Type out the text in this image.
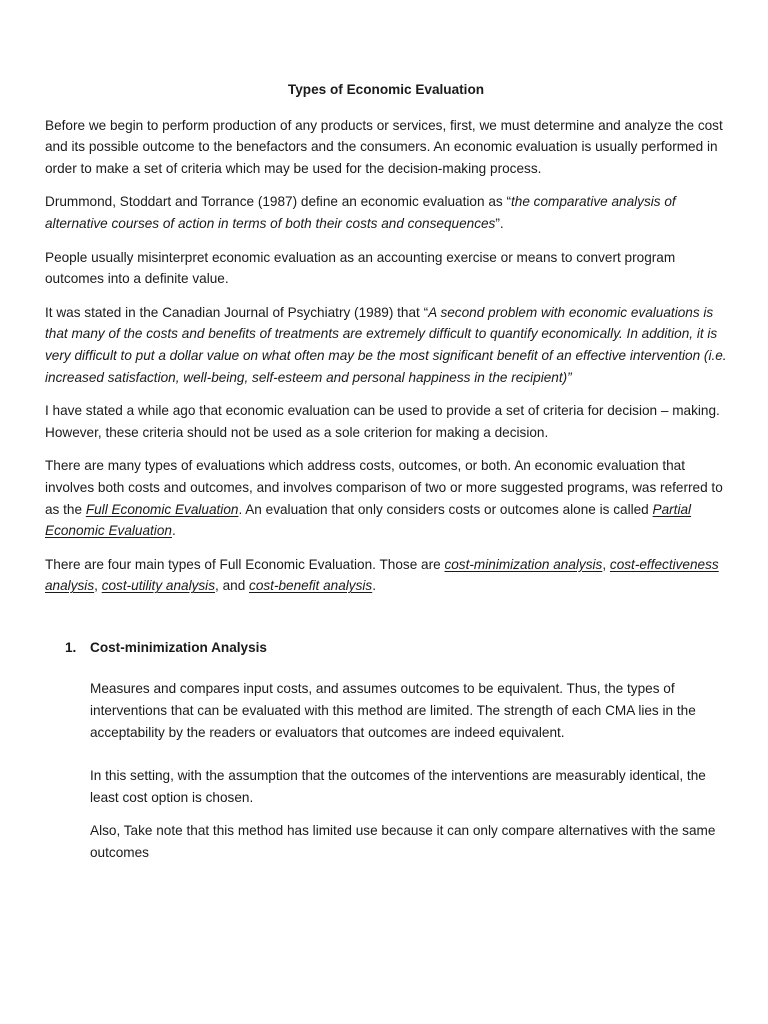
Types of Economic Evaluation

Before we begin to perform production of any products or services, first, we must determine and analyze the cost and its possible outcome to the benefactors and the consumers. An economic evaluation is usually performed in order to make a set of criteria which may be used for the decision-making process.

Drummond, Stoddart and Torrance (1987) define an economic evaluation as “the comparative analysis of alternative courses of action in terms of both their costs and consequences”.

People usually misinterpret economic evaluation as an accounting exercise or means to convert program outcomes into a definite value.

It was stated in the Canadian Journal of Psychiatry (1989) that “A second problem with economic evaluations is that many of the costs and benefits of treatments are extremely difficult to quantify economically. In addition, it is very difficult to put a dollar value on what often may be the most significant benefit of an effective intervention (i.e. increased satisfaction, well-being, self-esteem and personal happiness in the recipient)”

I have stated a while ago that economic evaluation can be used to provide a set of criteria for decision – making. However, these criteria should not be used as a sole criterion for making a decision.

There are many types of evaluations which address costs, outcomes, or both. An economic evaluation that involves both costs and outcomes, and involves comparison of two or more suggested programs, was referred to as the Full Economic Evaluation. An evaluation that only considers costs or outcomes alone is called Partial Economic Evaluation.

There are four main types of Full Economic Evaluation. Those are cost-minimization analysis, cost-effectiveness analysis, cost-utility analysis, and cost-benefit analysis.

1.	Cost-minimization Analysis

Measures and compares input costs, and assumes outcomes to be equivalent. Thus, the types of interventions that can be evaluated with this method are limited. The strength of each CMA lies in the acceptability by the readers or evaluators that outcomes are indeed equivalent.

In this setting, with the assumption that the outcomes of the interventions are measurably identical, the least cost option is chosen.

Also, Take note that this method has limited use because it can only compare alternatives with the same outcomes
